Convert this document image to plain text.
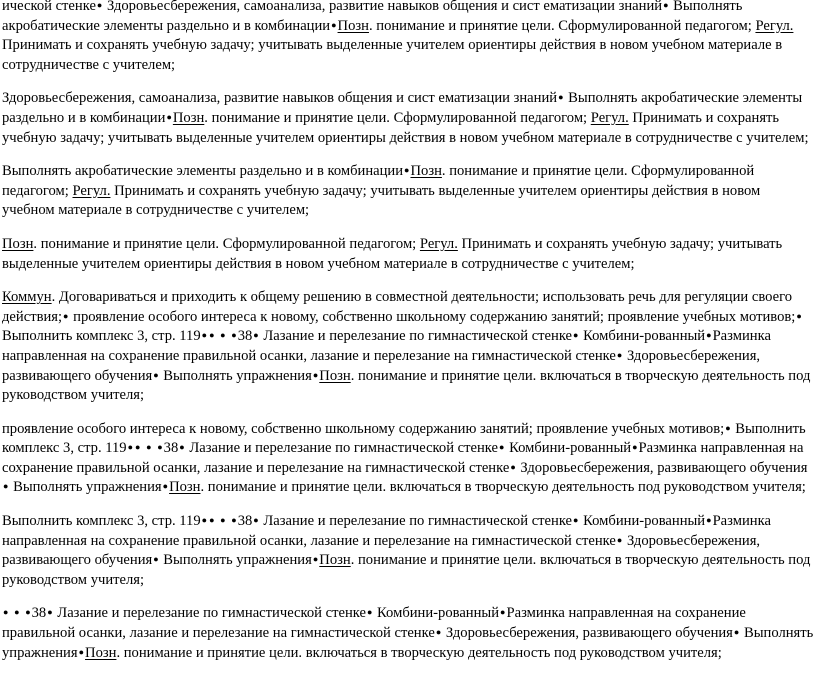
ической стенке● Здоровьесбережения, самоанализа, развитие навыков общения и сист ематизации знаний● Выполнять акробатические элементы раздельно и в комбинации●Позн. понимание и принятие цели. Сформулированной педагогом; Регул. Принимать и сохранять учебную задачу; учитывать выделенные учителем ориентиры действия в новом учебном материале в сотрудничестве с учителем;

Здоровьесбережения, самоанализа, развитие навыков общения и сист ематизации знаний● Выполнять акробатические элементы раздельно и в комбинации●Позн. понимание и принятие цели. Сформулированной педагогом; Регул. Принимать и сохранять учебную задачу; учитывать выделенные учителем ориентиры действия в новом учебном материале в сотрудничестве с учителем;

Выполнять акробатические элементы раздельно и в комбинации●Позн. понимание и принятие цели. Сформулированной педагогом; Регул. Принимать и сохранять учебную задачу; учитывать выделенные учителем ориентиры действия в новом учебном материале в сотрудничестве с учителем;

Позн. понимание и принятие цели. Сформулированной педагогом; Регул. Принимать и сохранять учебную задачу; учитывать выделенные учителем ориентиры действия в новом учебном материале в сотрудничестве с учителем;

Коммун. Договариваться и приходить к общему решению в совместной деятельности; использовать речь для регуляции своего действия;● проявление особого интереса к новому, собственно школьному содержанию занятий; проявление учебных мотивов;● Выполнить комплекс 3, стр. 119● ● ● ●38● Лазание и перелезание по гимнастической стенке● Комбини-рованный●Разминка направленная на сохранение правильной осанки, лазание и перелезание на гимнастической стенке● Здоровьесбережения, развивающего обучения● Выполнять упражнения●Позн. понимание и принятие цели. включаться в творческую деятельность под руководством учителя;

проявление особого интереса к новому, собственно школьному содержанию занятий; проявление учебных мотивов;● Выполнить комплекс 3, стр. 119● ● ● ●38● Лазание и перелезание по гимнастической стенке● Комбини-рованный●Разминка направленная на сохранение правильной осанки, лазание и перелезание на гимнастической стенке● Здоровьесбережения, развивающего обучения● Выполнять упражнения●Позн. понимание и принятие цели. включаться в творческую деятельность под руководством учителя;

Выполнить комплекс 3, стр. 119● ● ● ●38● Лазание и перелезание по гимнастической стенке● Комбини-рованный●Разминка направленная на сохранение правильной осанки, лазание и перелезание на гимнастической стенке● Здоровьесбережения, развивающего обучения● Выполнять упражнения●Позн. понимание и принятие цели. включаться в творческую деятельность под руководством учителя;

● ● ●38● Лазание и перелезание по гимнастической стенке● Комбини-рованный●Разминка направленная на сохранение правильной осанки, лазание и перелезание на гимнастической стенке● Здоровьесбережения, развивающего обучения● Выполнять упражнения●Позн. понимание и принятие цели. включаться в творческую деятельность под руководством учителя;
